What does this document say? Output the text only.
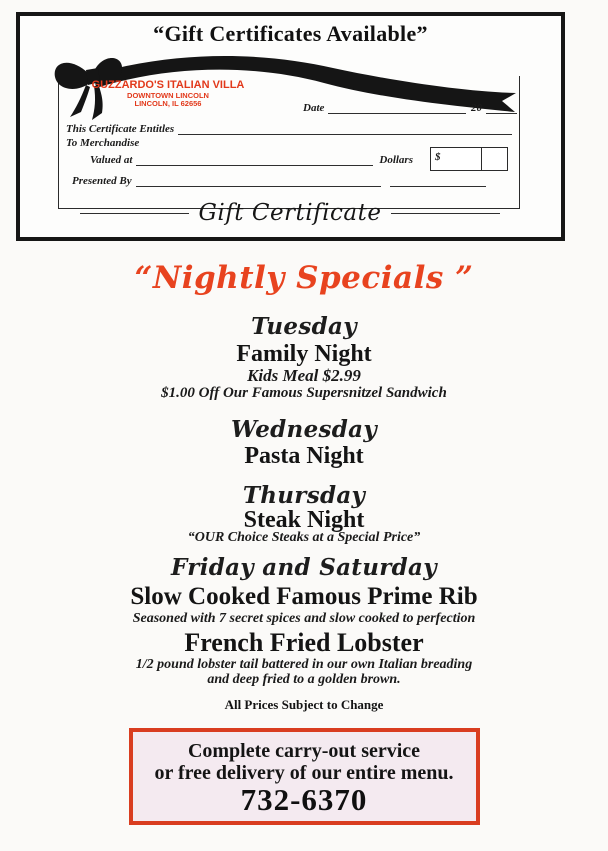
“Gift Certificates Available”
GUZZARDO'S ITALIAN VILLA
DOWNTOWN LINCOLN
LINCOLN, IL 62656	Date	20
This Certificate Entitles
To Merchandise
Valued at	Dollars	$
Presented By
Gift Certificate
“Nightly Specials ”
Tuesday
Family Night
Kids Meal $2.99
$1.00 Off Our Famous Supersnitzel Sandwich
Wednesday
Pasta Night
Thursday
Steak Night
“OUR Choice Steaks at a Special Price”
Friday and Saturday
Slow Cooked Famous Prime Rib
Seasoned with 7 secret spices and slow cooked to perfection
French Fried Lobster
1/2 pound lobster tail battered in our own Italian breading
and deep fried to a golden brown.
All Prices Subject to Change
Complete carry-out service
or free delivery of our entire menu.
732-6370
